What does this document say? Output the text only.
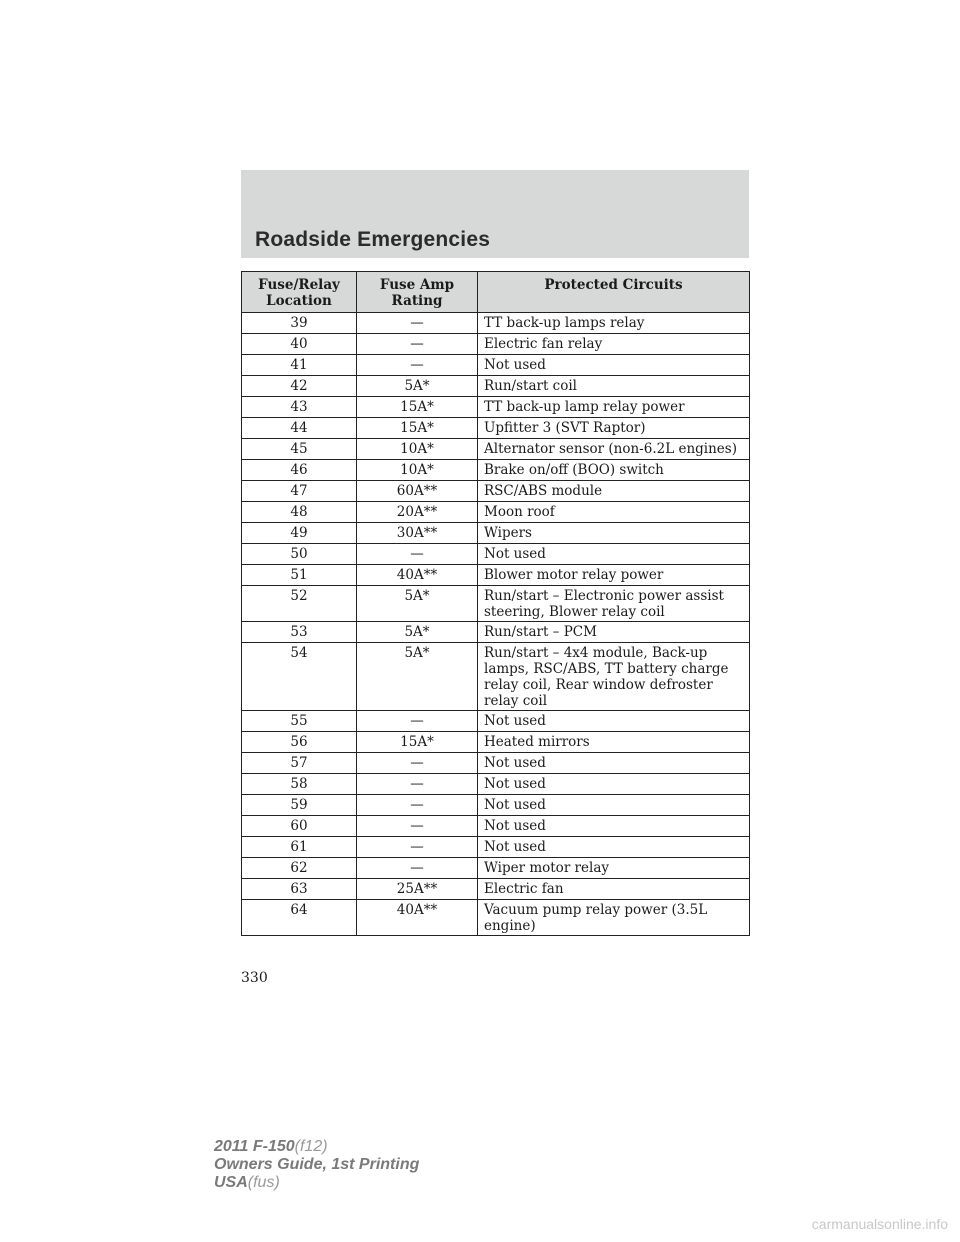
Roadside Emergencies
Fuse/Relay Location	Fuse Amp Rating	Protected Circuits
39	—	TT back-up lamps relay
40	—	Electric fan relay
41	—	Not used
42	5A*	Run/start coil
43	15A*	TT back-up lamp relay power
44	15A*	Upfitter 3 (SVT Raptor)
45	10A*	Alternator sensor (non-6.2L engines)
46	10A*	Brake on/off (BOO) switch
47	60A**	RSC/ABS module
48	20A**	Moon roof
49	30A**	Wipers
50	—	Not used
51	40A**	Blower motor relay power
52	5A*	Run/start – Electronic power assist steering, Blower relay coil
53	5A*	Run/start – PCM
54	5A*	Run/start – 4x4 module, Back-up lamps, RSC/ABS, TT battery charge relay coil, Rear window defroster relay coil
55	—	Not used
56	15A*	Heated mirrors
57	—	Not used
58	—	Not used
59	—	Not used
60	—	Not used
61	—	Not used
62	—	Wiper motor relay
63	25A**	Electric fan
64	40A**	Vacuum pump relay power (3.5L engine)

330

2011 F-150(f12)
Owners Guide, 1st Printing
USA(fus)
carmanualsonline.info
